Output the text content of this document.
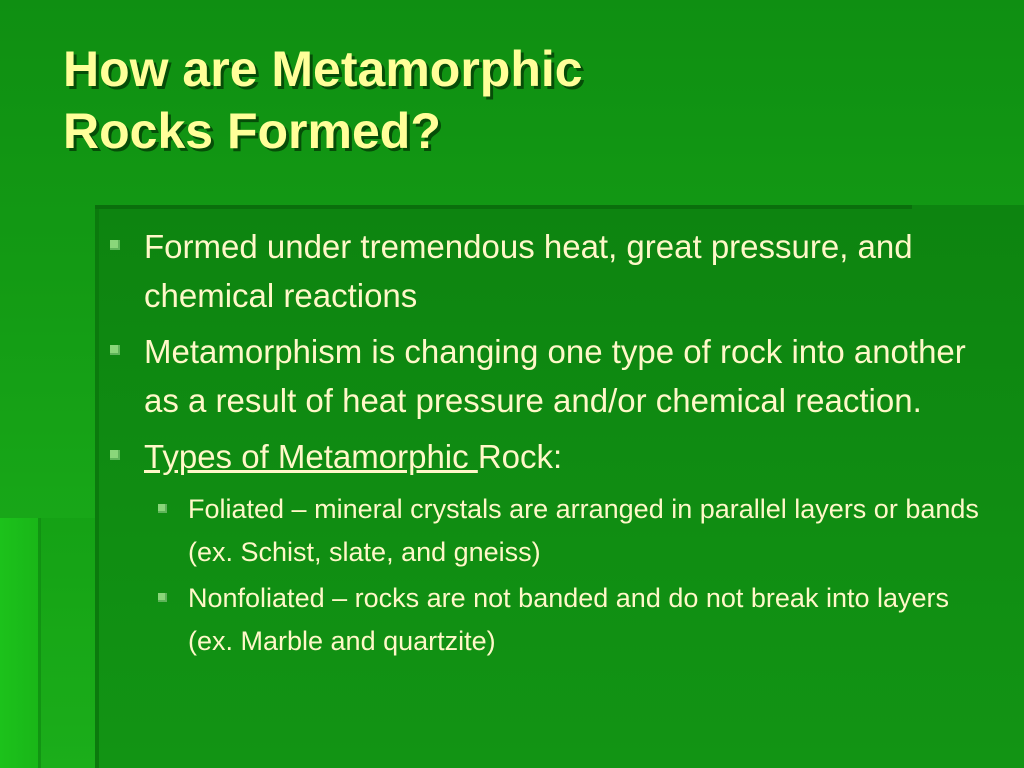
How are Metamorphic
Rocks Formed?
Formed under tremendous heat, great pressure, and chemical reactions
Metamorphism is changing one type of rock into another as a result of heat pressure and/or chemical reaction.
Types of Metamorphic Rock:
Foliated – mineral crystals are arranged in parallel layers or bands (ex. Schist, slate, and gneiss)
Nonfoliated – rocks are not banded and do not break into layers (ex. Marble and quartzite)
